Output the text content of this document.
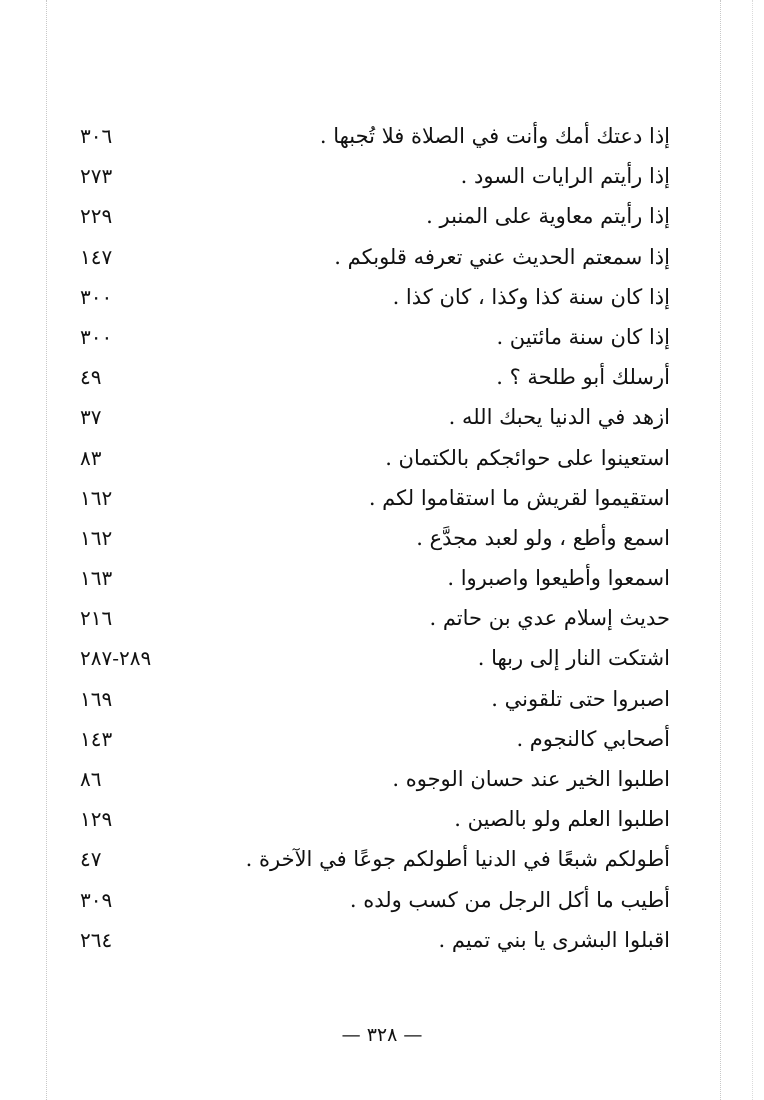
إذا دعتك أمك وأنت في الصلاة فلا تُجبها .
٣٠٦
إذا رأيتم الرايات السود .
٢٧٣
إذا رأيتم معاوية على المنبر .
٢٢٩
إذا سمعتم الحديث عني تعرفه قلوبكم .
١٤٧
إذا كان سنة كذا وكذا ، كان كذا .
٣٠٠
إذا كان سنة مائتين .
٣٠٠
أرسلك أبو طلحة ؟ .
٤٩
ازهد في الدنيا يحبك الله .
٣٧
استعينوا على حوائجكم بالكتمان .
٨٣
استقيموا لقريش ما استقاموا لكم .
١٦٢
اسمع وأطع ، ولو لعبد مجدَّع .
١٦٢
اسمعوا وأطيعوا واصبروا .
١٦٣
حديث إسلام عدي بن حاتم .
٢١٦
اشتكت النار إلى ربها .
٢٨٩-٢٨٧
اصبروا حتى تلقوني .
١٦٩
أصحابي كالنجوم .
١٤٣
اطلبوا الخير عند حسان الوجوه .
٨٦
اطلبوا العلم ولو بالصين .
١٢٩
أطولكم شبعًا في الدنيا أطولكم جوعًا في الآخرة .
٤٧
أطيب ما أكل الرجل من كسب ولده .
٣٠٩
اقبلوا البشرى يا بني تميم .
٢٦٤
— ٣٢٨ —
